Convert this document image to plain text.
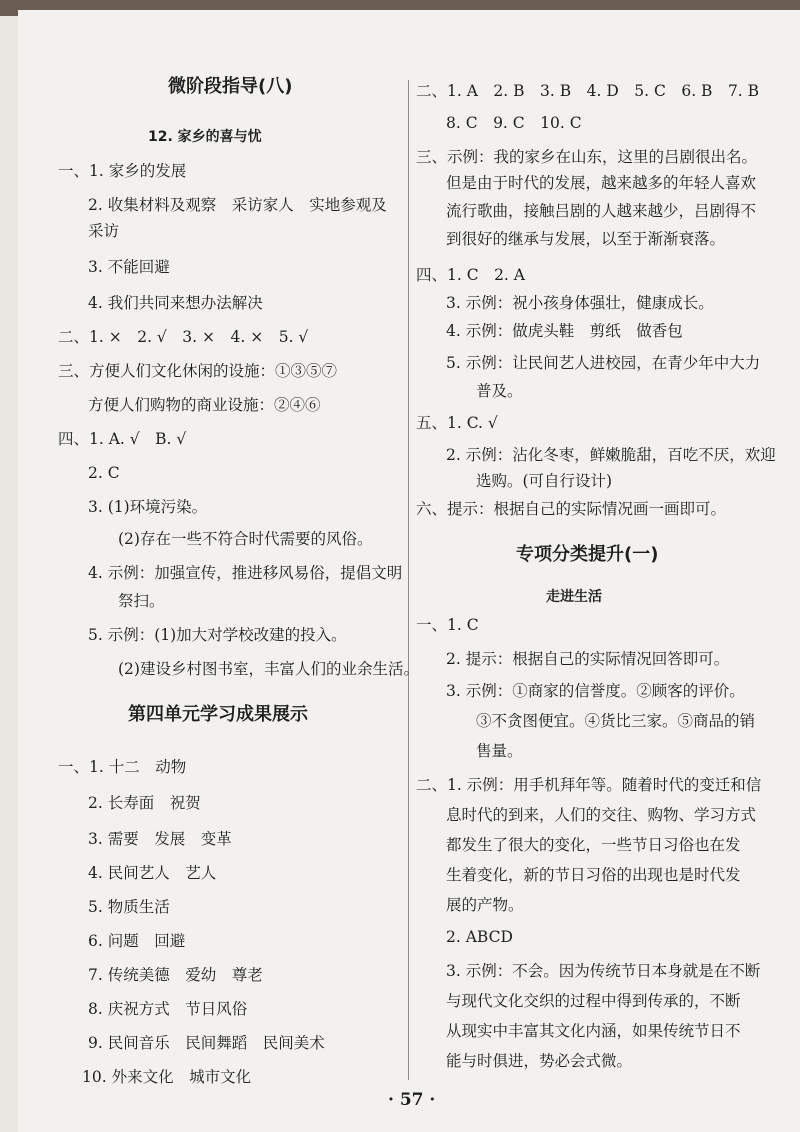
微阶段指导(八)
12. 家乡的喜与忧
一、1. 家乡的发展
2. 收集材料及观察　采访家人　实地参观及
采访
3. 不能回避
4. 我们共同来想办法解决
二、1. ×　2. √　3. ×　4. ×　5. √
三、方便人们文化休闲的设施：①③⑤⑦
方便人们购物的商业设施：②④⑥
四、1. A. √　B. √
2. C
3. (1)环境污染。
(2)存在一些不符合时代需要的风俗。
4. 示例：加强宣传，推进移风易俗，提倡文明
祭扫。
5. 示例：(1)加大对学校改建的投入。
(2)建设乡村图书室，丰富人们的业余生活。
第四单元学习成果展示
一、1. 十二　动物
2. 长寿面　祝贺
3. 需要　发展　变革
4. 民间艺人　艺人
5. 物质生活
6. 问题　回避
7. 传统美德　爱幼　尊老
8. 庆祝方式　节日风俗
9. 民间音乐　民间舞蹈　民间美术
10. 外来文化　城市文化
二、1. A　2. B　3. B　4. D　5. C　6. B　7. B
8. C　9. C　10. C
三、示例：我的家乡在山东，这里的吕剧很出名。
但是由于时代的发展，越来越多的年轻人喜欢
流行歌曲，接触吕剧的人越来越少，吕剧得不
到很好的继承与发展，以至于渐渐衰落。
四、1. C　2. A
3. 示例：祝小孩身体强壮，健康成长。
4. 示例：做虎头鞋　剪纸　做香包
5. 示例：让民间艺人进校园，在青少年中大力
普及。
五、1. C. √
2. 示例：沾化冬枣，鲜嫩脆甜，百吃不厌，欢迎
选购。(可自行设计)
六、提示：根据自己的实际情况画一画即可。
专项分类提升(一)
走进生活
一、1. C
2. 提示：根据自己的实际情况回答即可。
3. 示例：①商家的信誉度。②顾客的评价。
③不贪图便宜。④货比三家。⑤商品的销
售量。
二、1. 示例：用手机拜年等。随着时代的变迁和信
息时代的到来，人们的交往、购物、学习方式
都发生了很大的变化，一些节日习俗也在发
生着变化，新的节日习俗的出现也是时代发
展的产物。
2. ABCD
3. 示例：不会。因为传统节日本身就是在不断
与现代文化交织的过程中得到传承的，不断
从现实中丰富其文化内涵，如果传统节日不
能与时俱进，势必会式微。
· 57 ·
